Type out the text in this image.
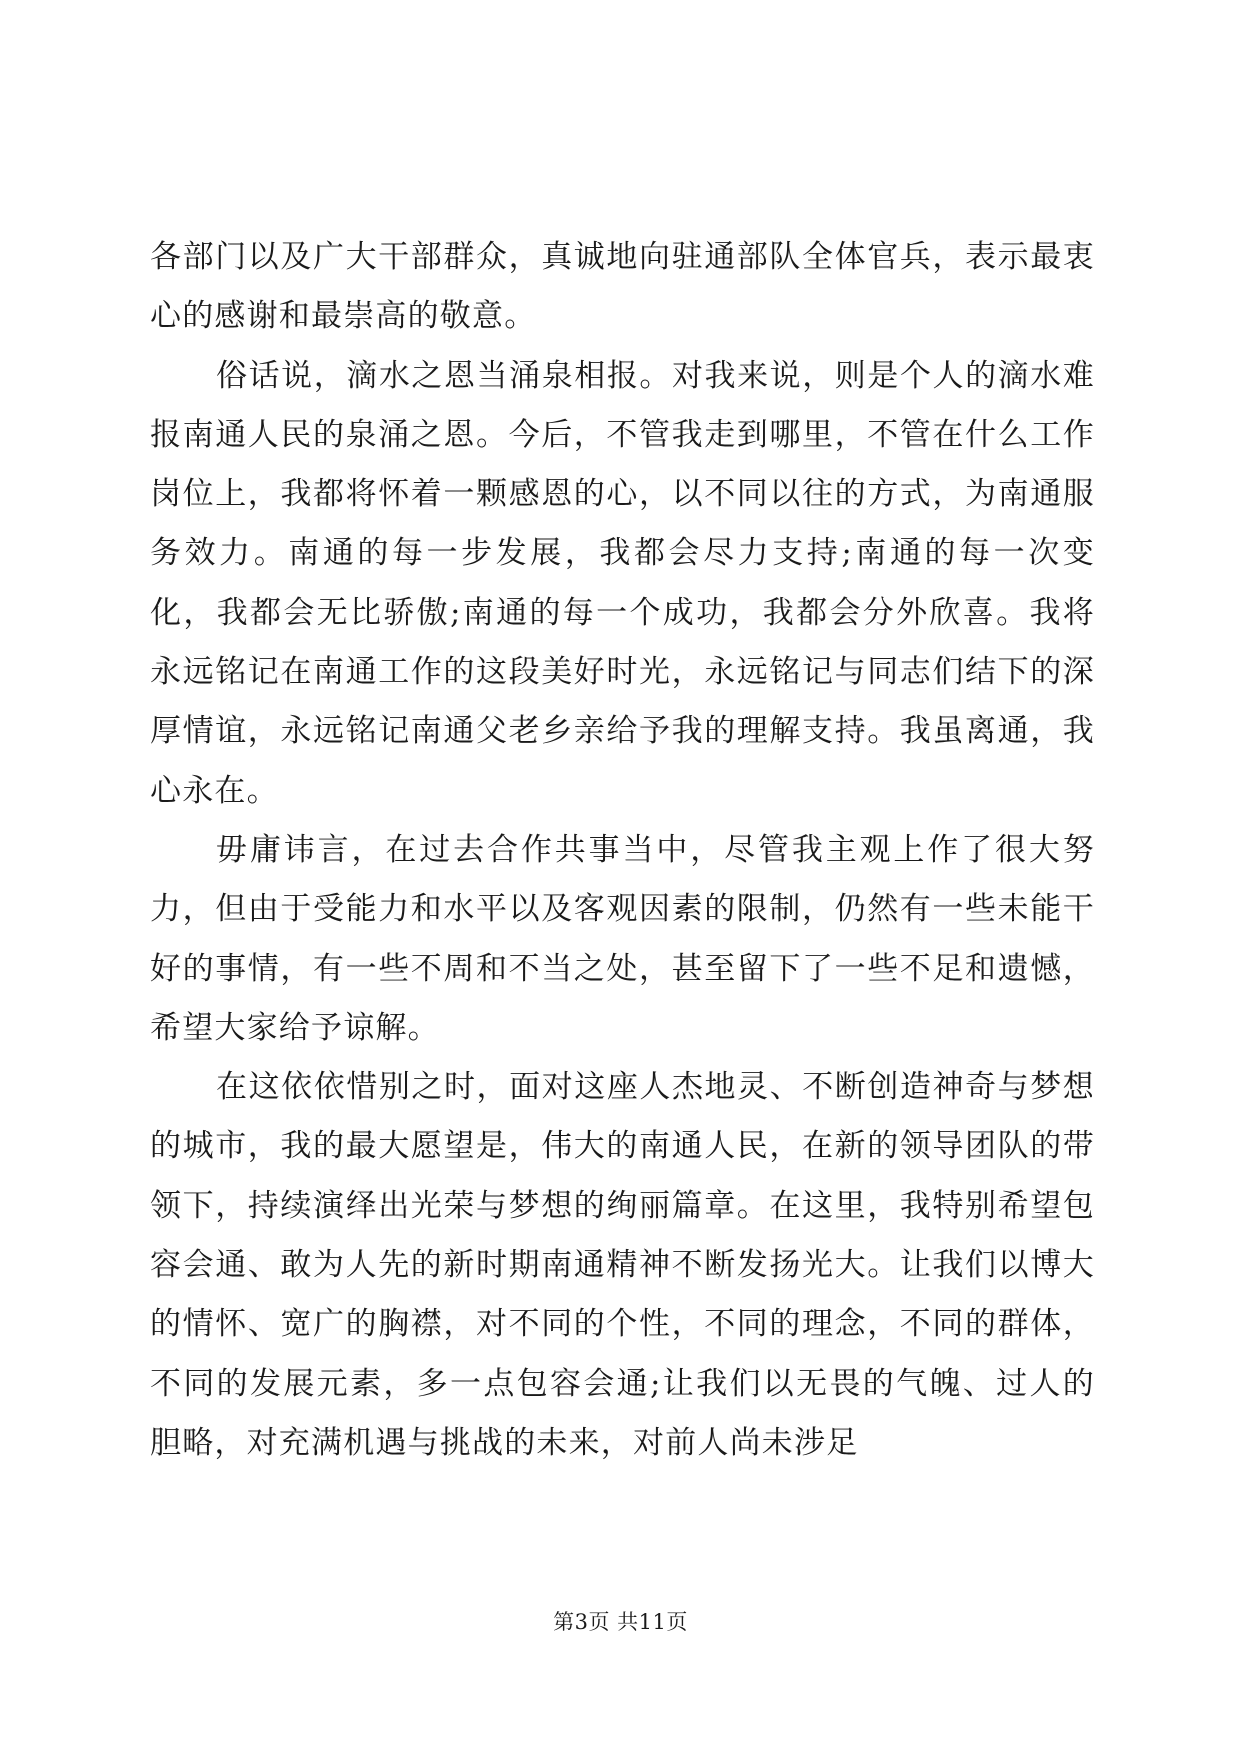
各部门以及广大干部群众，真诚地向驻通部队全体官兵，表示最衷心的感谢和最崇高的敬意。

俗话说，滴水之恩当涌泉相报。对我来说，则是个人的滴水难报南通人民的泉涌之恩。今后，不管我走到哪里，不管在什么工作岗位上，我都将怀着一颗感恩的心，以不同以往的方式，为南通服务效力。南通的每一步发展，我都会尽力支持;南通的每一次变化，我都会无比骄傲;南通的每一个成功，我都会分外欣喜。我将永远铭记在南通工作的这段美好时光，永远铭记与同志们结下的深厚情谊，永远铭记南通父老乡亲给予我的理解支持。我虽离通，我心永在。

毋庸讳言，在过去合作共事当中，尽管我主观上作了很大努力，但由于受能力和水平以及客观因素的限制，仍然有一些未能干好的事情，有一些不周和不当之处，甚至留下了一些不足和遗憾，希望大家给予谅解。

在这依依惜别之时，面对这座人杰地灵、不断创造神奇与梦想的城市，我的最大愿望是，伟大的南通人民，在新的领导团队的带领下，持续演绎出光荣与梦想的绚丽篇章。在这里，我特别希望包容会通、敢为人先的新时期南通精神不断发扬光大。让我们以博大的情怀、宽广的胸襟，对不同的个性，不同的理念，不同的群体，不同的发展元素，多一点包容会通;让我们以无畏的气魄、过人的胆略，对充满机遇与挑战的未来，对前人尚未涉足

第3页 共11页
